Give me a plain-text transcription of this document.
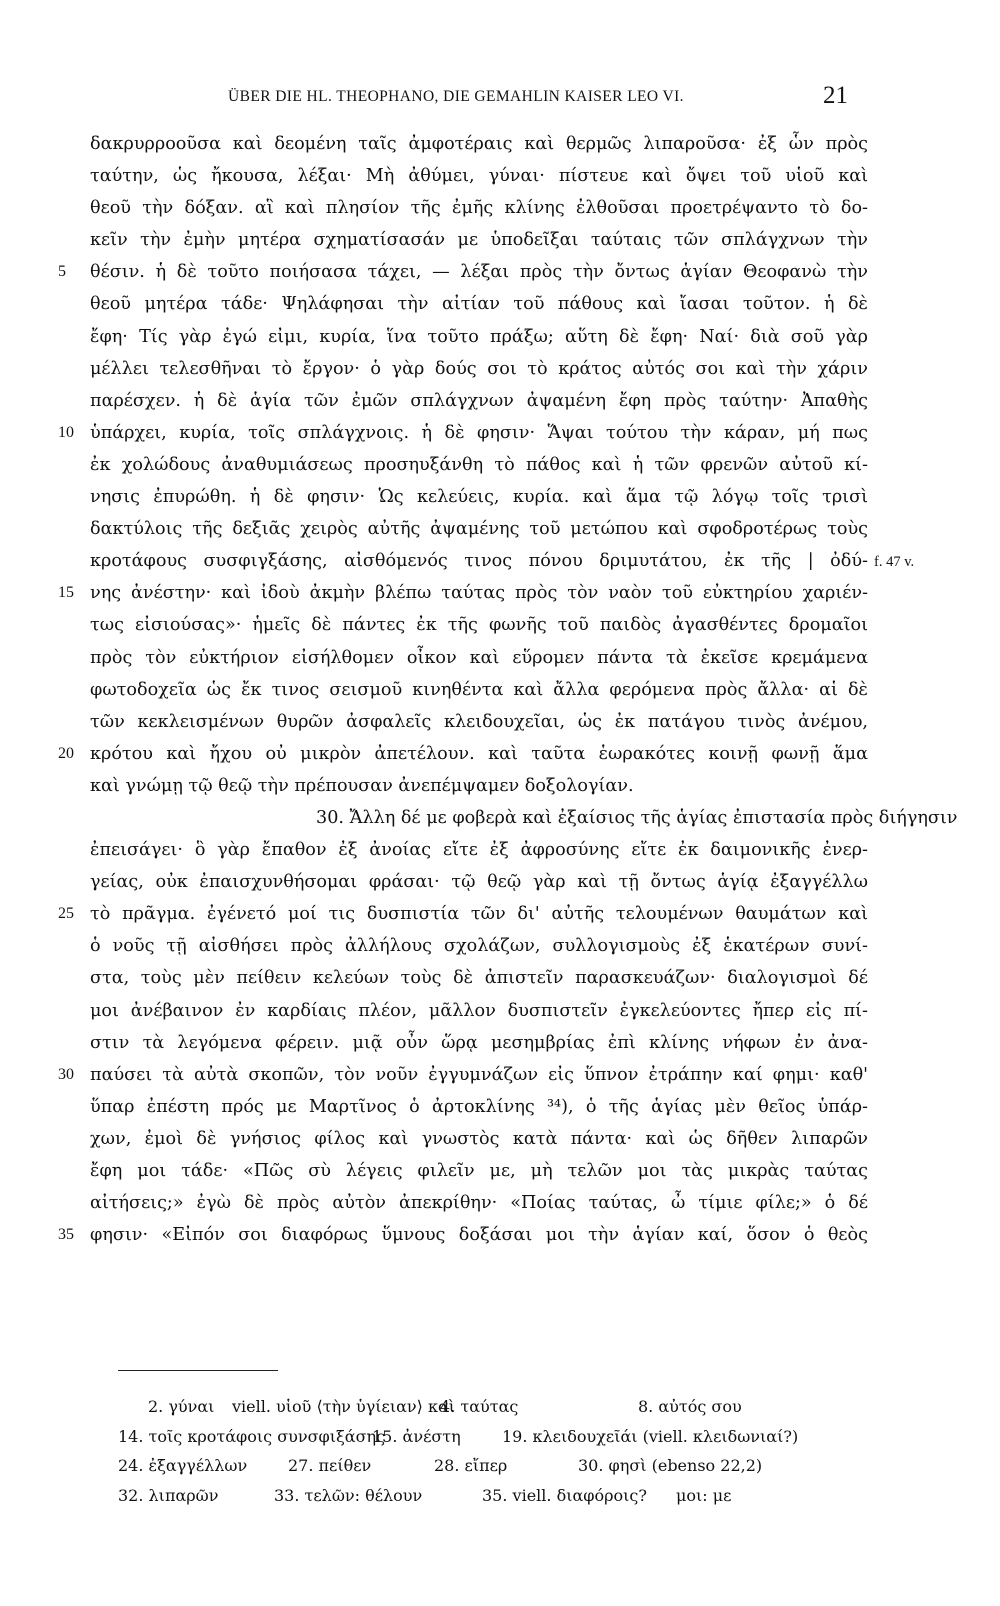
ÜBER DIE HL. THEOPHANO, DIE GEMAHLIN KAISER LEO VI.	21
δακρυρροοῦσα καὶ δεομένη ταῖς ἀμφοτέραις καὶ θερμῶς λιπαροῦσα· ἐξ ὧν πρὸς
ταύτην, ὡς ἤκουσα, λέξαι· Μὴ ἀθύμει, γύναι· πίστευε καὶ ὄψει τοῦ υἱοῦ καὶ
θεοῦ τὴν δόξαν. αἳ καὶ πλησίον τῆς ἐμῆς κλίνης ἐλθοῦσαι προετρέψαντο τὸ δο-
κεῖν τὴν ἐμὴν μητέρα σχηματίσασάν με ὑποδεῖξαι ταύταις τῶν σπλάγχνων τὴν
5	θέσιν. ἡ δὲ τοῦτο ποιήσασα τάχει, — λέξαι πρὸς τὴν ὄντως ἁγίαν Θεοφανὼ τὴν
θεοῦ μητέρα τάδε· Ψηλάφησαι τὴν αἰτίαν τοῦ πάθους καὶ ἴασαι τοῦτον. ἡ δὲ
ἔφη· Τίς γὰρ ἐγώ εἰμι, κυρία, ἵνα τοῦτο πράξω; αὕτη δὲ ἔφη· Ναί· διὰ σοῦ γὰρ
μέλλει τελεσθῆναι τὸ ἔργον· ὁ γὰρ δούς σοι τὸ κράτος αὐτός σοι καὶ τὴν χάριν
παρέσχεν. ἡ δὲ ἁγία τῶν ἐμῶν σπλάγχνων ἀψαμένη ἔφη πρὸς ταύτην· Ἀπαθὴς
10 ὑπάρχει, κυρία, τοῖς σπλάγχνοις. ἡ δὲ φησιν· Ἅψαι τούτου τὴν κάραν, μή πως
ἐκ χολώδους ἀναθυμιάσεως προσηυξάνθη τὸ πάθος καὶ ἡ τῶν φρενῶν αὐτοῦ κί-
νησις ἐπυρώθη. ἡ δὲ φησιν· Ὡς κελεύεις, κυρία. καὶ ἅμα τῷ λόγῳ τοῖς τρισὶ
δακτύλοις τῆς δεξιᾶς χειρὸς αὐτῆς ἀψαμένης τοῦ μετώπου καὶ σφοδροτέρως τοὺς
κροτάφους συσφιγξάσης, αἰσθόμενός τινος πόνου δριμυτάτου, ἐκ τῆς | ὀδύ- f. 47 v.
15 νης ἀνέστην· καὶ ἰδοὺ ἀκμὴν βλέπω ταύτας πρὸς τὸν ναὸν τοῦ εὐκτηρίου χαριέν-
τως εἰσιούσας»· ἡμεῖς δὲ πάντες ἐκ τῆς φωνῆς τοῦ παιδὸς ἀγασθέντες δρομαῖοι
πρὸς τὸν εὐκτήριον εἰσήλθομεν οἶκον καὶ εὕρομεν πάντα τὰ ἐκεῖσε κρεμάμενα
φωτοδοχεῖα ὡς ἔκ τινος σεισμοῦ κινηθέντα καὶ ἄλλα φερόμενα πρὸς ἄλλα· αἱ δὲ
τῶν κεκλεισμένων θυρῶν ἀσφαλεῖς κλειδουχεῖαι, ὡς ἐκ πατάγου τινὸς ἀνέμου,
20 κρότου καὶ ἤχου οὐ μικρὸν ἀπετέλουν. καὶ ταῦτα ἑωρακότες κοινῇ φωνῇ ἅμα
καὶ γνώμῃ τῷ θεῷ τὴν πρέπουσαν ἀνεπέμψαμεν δοξολογίαν.
30. Ἄλλη δέ με φοβερὰ καὶ ἐξαίσιος τῆς ἁγίας ἐπιστασία πρὸς διήγησιν
ἐπεισάγει· ὃ γὰρ ἔπαθον ἐξ ἀνοίας εἴτε ἐξ ἀφροσύνης εἴτε ἐκ δαιμονικῆς ἐνερ-
γείας, οὐκ ἐπαισχυνθήσομαι φράσαι· τῷ θεῷ γὰρ καὶ τῇ ὄντως ἁγίᾳ ἐξαγγέλλω
25 τὸ πρᾶγμα. ἐγένετό μοί τις δυσπιστία τῶν δι' αὐτῆς τελουμένων θαυμάτων καὶ
ὁ νοῦς τῇ αἰσθήσει πρὸς ἀλλήλους σχολάζων, συλλογισμοὺς ἐξ ἑκατέρων συνί-
στα, τοὺς μὲν πείθειν κελεύων τοὺς δὲ ἀπιστεῖν παρασκευάζων· διαλογισμοὶ δέ
μοι ἀνέβαινον ἐν καρδίαις πλέον, μᾶλλον δυσπιστεῖν ἐγκελεύοντες ἤπερ εἰς πί-
στιν τὰ λεγόμενα φέρειν. μιᾷ οὖν ὥρᾳ μεσημβρίας ἐπὶ κλίνης νήφων ἐν ἀνα-
30 παύσει τὰ αὐτὰ σκοπῶν, τὸν νοῦν ἐγγυμνάζων εἰς ὕπνον ἐτράπην καί φημι· καθ'
ὕπαρ ἐπέστη πρός με Μαρτῖνος ὁ ἀρτοκλίνης ³⁴), ὁ τῆς ἁγίας μὲν θεῖος ὑπάρ-
χων, ἐμοὶ δὲ γνήσιος φίλος καὶ γνωστὸς κατὰ πάντα· καὶ ὡς δῆθεν λιπαρῶν
ἔφη μοι τάδε· «Πῶς σὺ λέγεις φιλεῖν με, μὴ τελῶν μοι τὰς μικρὰς ταύτας
αἰτήσεις;» ἐγὼ δὲ πρὸς αὐτὸν ἀπεκρίθην· «Ποίας ταύτας, ὦ τίμιε φίλε;» ὁ δέ
35 φησιν· «Εἰπόν σοι διαφόρως ὕμνους δοξάσαι μοι τὴν ἁγίαν καί, ὅσον ὁ θεὸς
2. γύναι viell. υἱοῦ ⟨τὴν ὑγίειαν⟩ καὶ
4. ταύτας	8. αὐτός σου
14. τοῖς κροτάφοις συνσφιξάσης
15. ἀνέστη	19. κλειδουχεῖάι (viell. κλειδωνιαί?)
24. ἐξαγγέλλων	27. πείθεν	28. εἴπερ	30. φησὶ (ebenso 22,2)
32. λιπαρῶν	33. τελῶν: θέλουν	35. viell. διαφόροις? μοι: με
